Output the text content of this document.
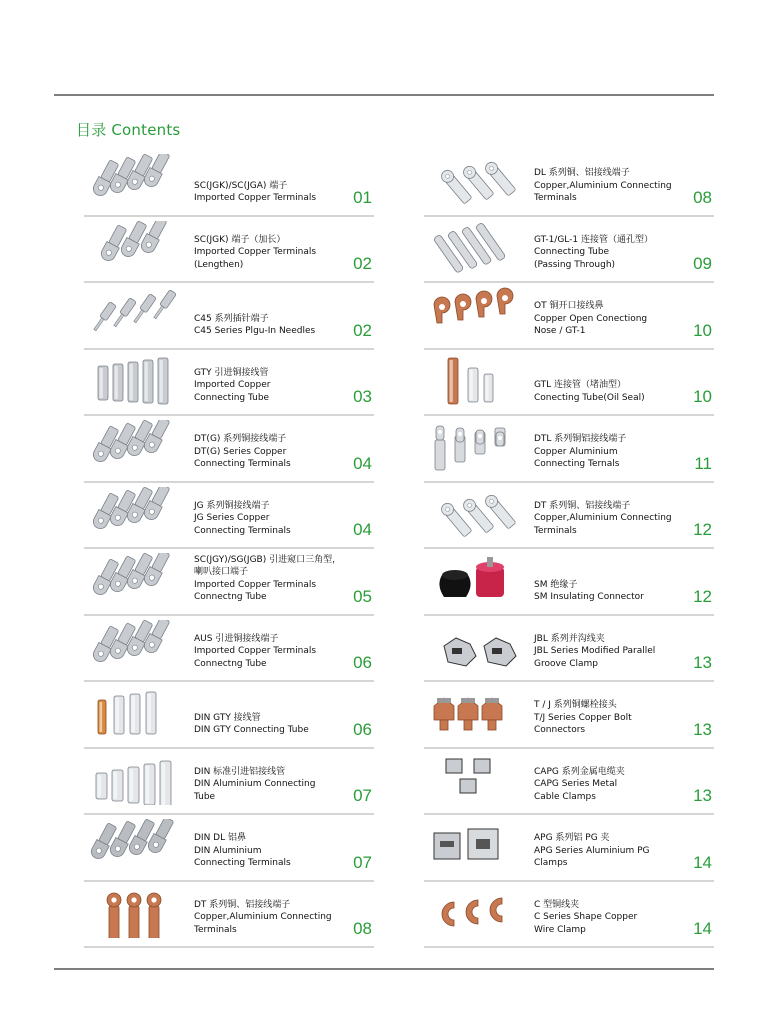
目录 Contents
SC(JGK)/SC(JGA) 端子
Imported Copper Terminals	01
SC(JGK) 端子（加长）
Imported Copper Terminals
(Lengthen)	02
C45 系列插针端子
C45 Series Plgu-In Needles	02
GTY 引进铜接线管
Imported Copper
Connecting Tube	03
DT(G) 系列铜接线端子
DT(G) Series Copper
Connecting Terminals	04
JG 系列铜接线端子
JG Series Copper
Connecting Terminals	04
SC(JGY)/SG(JGB) 引进窥口三角型，
喇叭接口端子
Imported Copper Terminals
Connectng Tube	05
AUS 引进铜接线端子
Imported Copper Terminals
Connectng Tube	06
DIN GTY 接线管
DIN GTY Connecting Tube	06
DIN 标准引进铝接线管
DIN Aluminium Connecting
Tube	07
DIN DL 铝鼻
DIN Aluminium
Connecting Terminals	07
DT 系列铜、铝接线端子
Copper,Aluminium Connecting
Terminals	08
DL 系列铜、铝接线端子
Copper,Aluminium Connecting
Terminals	08
GT-1/GL-1 连接管（通孔型）
Connecting Tube
(Passing Through)	09
OT 铜开口接线鼻
Copper Open Conectiong
Nose / GT-1	10
GTL 连接管（堵油型）
Conecting Tube(Oil Seal)	10
DTL 系列铜铝接线端子
Copper Aluminium
Connecting Ternals	11
DT 系列铜、铝接线端子
Copper,Aluminium Connecting
Terminals	12
SM 绝缘子
SM Insulating Connector	12
JBL 系列并沟线夹
JBL Series Modified Parallel
Groove Clamp	13
T / J 系列铜螺栓接头
T/J Series Copper Bolt
Connectors	13
CAPG 系列金属电缆夹
CAPG Series Metal
Cable Clamps	13
APG 系列铝 PG 夹
APG Series Aluminium PG
Clamps	14
C 型铜线夹
C Series Shape Copper
Wire Clamp	14
